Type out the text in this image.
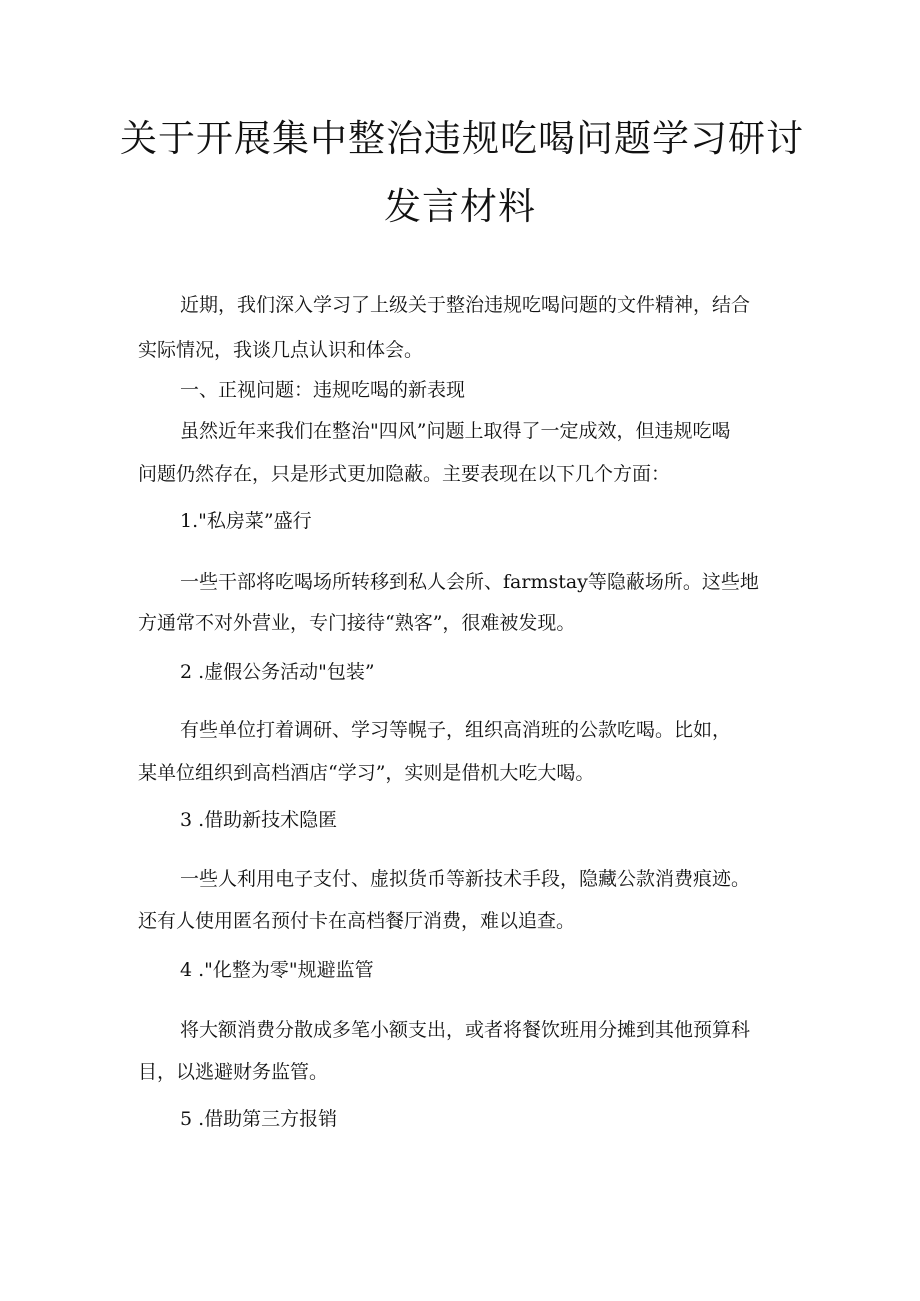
关于开展集中整治违规吃喝问题学习研讨
发言材料
近期，我们深入学习了上级关于整治违规吃喝问题的文件精神，结合
实际情况，我谈几点认识和体会。
一、正视问题：违规吃喝的新表现
虽然近年来我们在整治"四风”问题上取得了一定成效，但违规吃喝
问题仍然存在，只是形式更加隐蔽。主要表现在以下几个方面：
1."私房菜”盛行
一些干部将吃喝场所转移到私人会所、farmstay等隐蔽场所。这些地
方通常不对外营业，专门接待“熟客”，很难被发现。
2 .虚假公务活动"包装”
有些单位打着调研、学习等幌子，组织高消班的公款吃喝。比如，
某单位组织到高档酒店“学习”，实则是借机大吃大喝。
3 .借助新技术隐匿
一些人利用电子支付、虚拟货币等新技术手段，隐藏公款消费痕迹。
还有人使用匿名预付卡在高档餐厅消费，难以追查。
4 ."化整为零"规避监管
将大额消费分散成多笔小额支出，或者将餐饮班用分摊到其他预算科
目，以逃避财务监管。
5 .借助第三方报销
